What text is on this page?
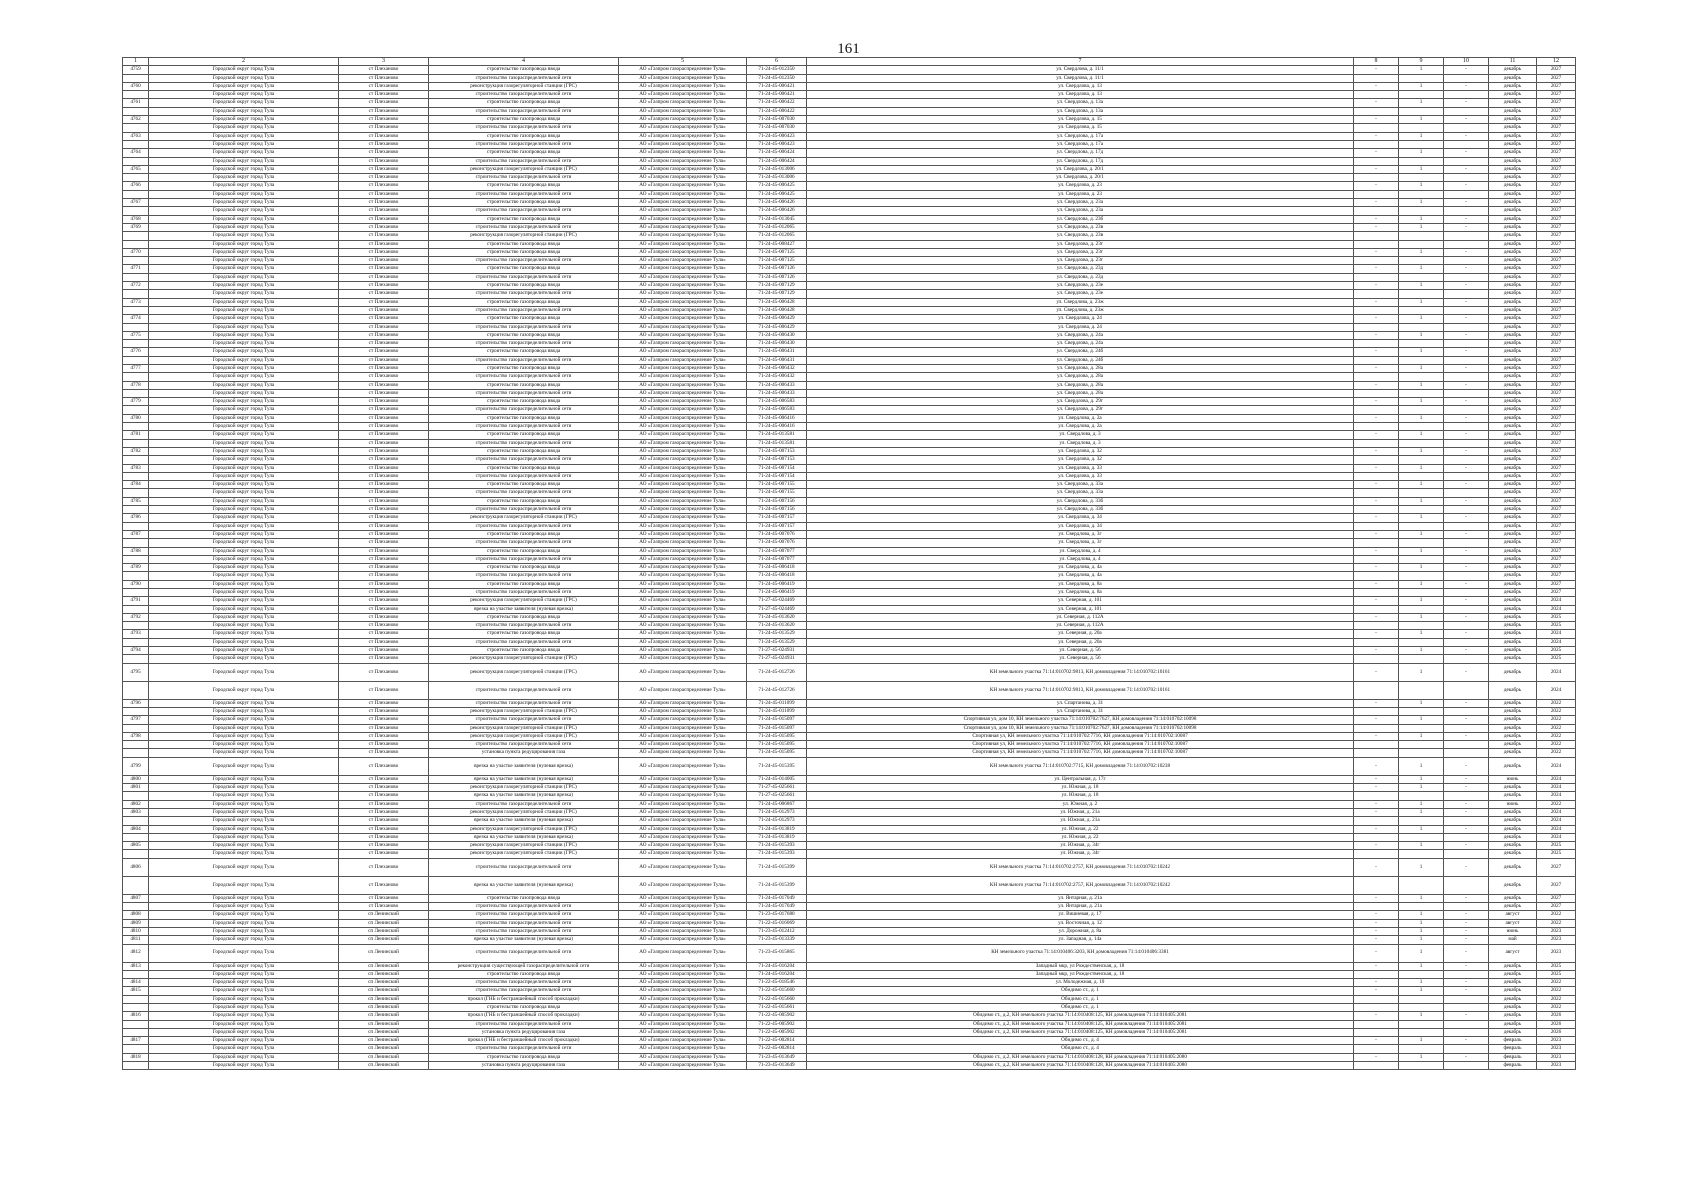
161
1	2	3	4	5	6	7	8	9	10	11	12
4759	Городской округ город Тула	ст Плеханово	строительство газопровода ввода	АО «Газпром газораспределение Тула»	71-24-45-012350	ул. Свердлова, д. 11/1	-	1	-	декабрь	2027
	Городской округ город Тула	ст Плеханово	строительство газораспределительной сети	АО «Газпром газораспределение Тула»	71-24-45-012350	ул. Свердлова, д. 11/1				декабрь	2027
4760	Городской округ город Тула	ст Плеханово	реконструкция газорегуляторной станции (ГРС)	АО «Газпром газораспределение Тула»	71-24-45-006421	ул. Свердлова, д. 13	-	1	-	декабрь	2027
	Городской округ город Тула	ст Плеханово	строительство газораспределительной сети	АО «Газпром газораспределение Тула»	71-24-45-006421	ул. Свердлова, д. 13				декабрь	2027
4761	Городской округ город Тула	ст Плеханово	строительство газопровода ввода	АО «Газпром газораспределение Тула»	71-24-45-006422	ул. Свердлова, д. 13а	-	1	-	декабрь	2027
	Городской округ город Тула	ст Плеханово	строительство газораспределительной сети	АО «Газпром газораспределение Тула»	71-24-45-006422	ул. Свердлова, д. 13а				декабрь	2027
4762	Городской округ город Тула	ст Плеханово	строительство газопровода ввода	АО «Газпром газораспределение Тула»	71-24-45-007030	ул. Свердлова, д. 15	-	1	-	декабрь	2027
	Городской округ город Тула	ст Плеханово	строительство газораспределительной сети	АО «Газпром газораспределение Тула»	71-24-45-007030	ул. Свердлова, д. 15				декабрь	2027
4763	Городской округ город Тула	ст Плеханово	строительство газопровода ввода	АО «Газпром газораспределение Тула»	71-24-45-006423	ул. Свердлова, д. 17а	-	1	-	декабрь	2027
	Городской округ город Тула	ст Плеханово	строительство газораспределительной сети	АО «Газпром газораспределение Тула»	71-24-45-006423	ул. Свердлова, д. 17а				декабрь	2027
4764	Городской округ город Тула	ст Плеханово	строительство газопровода ввода	АО «Газпром газораспределение Тула»	71-24-45-006424	ул. Свердлова, д. 17д	-	1	-	декабрь	2027
	Городской округ город Тула	ст Плеханово	строительство газораспределительной сети	АО «Газпром газораспределение Тула»	71-24-45-006424	ул. Свердлова, д. 17д				декабрь	2027
4765	Городской округ город Тула	ст Плеханово	реконструкция газорегуляторной станции (ГРС)	АО «Газпром газораспределение Тула»	71-24-45-013006	ул. Свердлова, д. 20/1	-	1	-	декабрь	2027
	Городской округ город Тула	ст Плеханово	строительство газораспределительной сети	АО «Газпром газораспределение Тула»	71-24-45-013006	ул. Свердлова, д. 20/1				декабрь	2027
4766	Городской округ город Тула	ст Плеханово	строительство газопровода ввода	АО «Газпром газораспределение Тула»	71-24-45-006425	ул. Свердлова, д. 23	-	1	-	декабрь	2027
	Городской округ город Тула	ст Плеханово	строительство газораспределительной сети	АО «Газпром газораспределение Тула»	71-24-45-006425	ул. Свердлова, д. 23				декабрь	2027
4767	Городской округ город Тула	ст Плеханово	строительство газопровода ввода	АО «Газпром газораспределение Тула»	71-24-45-006426	ул. Свердлова, д. 23а	-	1	-	декабрь	2027
	Городской округ город Тула	ст Плеханово	строительство газораспределительной сети	АО «Газпром газораспределение Тула»	71-24-45-006426	ул. Свердлова, д. 23а				декабрь	2027
4768	Городской округ город Тула	ст Плеханово	строительство газопровода ввода	АО «Газпром газораспределение Тула»	71-24-45-013045	ул. Свердлова, д. 23б	-	1	-	декабрь	2027
4769	Городской округ город Тула	ст Плеханово	строительство газораспределительной сети	АО «Газпром газораспределение Тула»	71-24-45-012065	ул. Свердлова, д. 23в	-	1	-	декабрь	2027
	Городской округ город Тула	ст Плеханово	реконструкция газорегуляторной станции (ГРС)	АО «Газпром газораспределение Тула»	71-24-45-012065	ул. Свердлова, д. 23в				декабрь	2027
	Городской округ город Тула	ст Плеханово	строительство газопровода ввода	АО «Газпром газораспределение Тула»	71-24-45-008427	ул. Свердлова, д. 23г				декабрь	2027
4770	Городской округ город Тула	ст Плеханово	строительство газопровода ввода	АО «Газпром газораспределение Тула»	71-24-45-007125	ул. Свердлова, д. 23г	-	1	-	декабрь	2027
	Городской округ город Тула	ст Плеханово	строительство газораспределительной сети	АО «Газпром газораспределение Тула»	71-24-45-007125	ул. Свердлова, д. 23г				декабрь	2027
4771	Городской округ город Тула	ст Плеханово	строительство газопровода ввода	АО «Газпром газораспределение Тула»	71-24-45-007126	ул. Свердлова, д. 23д	-	1	-	декабрь	2027
	Городской округ город Тула	ст Плеханово	строительство газораспределительной сети	АО «Газпром газораспределение Тула»	71-24-45-007126	ул. Свердлова, д. 23д				декабрь	2027
4772	Городской округ город Тула	ст Плеханово	строительство газопровода ввода	АО «Газпром газораспределение Тула»	71-24-45-007129	ул. Свердлова, д. 23е	-	1	-	декабрь	2027
	Городской округ город Тула	ст Плеханово	строительство газораспределительной сети	АО «Газпром газораспределение Тула»	71-24-45-007129	ул. Свердлова, д. 23е				декабрь	2027
4773	Городской округ город Тула	ст Плеханово	строительство газопровода ввода	АО «Газпром газораспределение Тула»	71-24-45-006428	ул. Свердлова, д. 23ж	-	1	-	декабрь	2027
	Городской округ город Тула	ст Плеханово	строительство газораспределительной сети	АО «Газпром газораспределение Тула»	71-24-45-006428	ул. Свердлова, д. 23ж				декабрь	2027
4774	Городской округ город Тула	ст Плеханово	строительство газопровода ввода	АО «Газпром газораспределение Тула»	71-24-45-006429	ул. Свердлова, д. 24	-	1	-	декабрь	2027
	Городской округ город Тула	ст Плеханово	строительство газораспределительной сети	АО «Газпром газораспределение Тула»	71-24-45-006429	ул. Свердлова, д. 24				декабрь	2027
4775	Городской округ город Тула	ст Плеханово	строительство газопровода ввода	АО «Газпром газораспределение Тула»	71-24-45-006430	ул. Свердлова, д. 24а	-	1	-	декабрь	2027
	Городской округ город Тула	ст Плеханово	строительство газораспределительной сети	АО «Газпром газораспределение Тула»	71-24-45-006430	ул. Свердлова, д. 24а				декабрь	2027
4776	Городской округ город Тула	ст Плеханово	строительство газопровода ввода	АО «Газпром газораспределение Тула»	71-24-45-006431	ул. Свердлова, д. 24б	-	1	-	декабрь	2027
	Городской округ город Тула	ст Плеханово	строительство газораспределительной сети	АО «Газпром газораспределение Тула»	71-24-45-006431	ул. Свердлова, д. 24б				декабрь	2027
4777	Городской округ город Тула	ст Плеханово	строительство газопровода ввода	АО «Газпром газораспределение Тула»	71-24-45-006432	ул. Свердлова, д. 28а	-	1	-	декабрь	2027
	Городской округ город Тула	ст Плеханово	строительство газораспределительной сети	АО «Газпром газораспределение Тула»	71-24-45-006432	ул. Свердлова, д. 28а				декабрь	2027
4778	Городской округ город Тула	ст Плеханово	строительство газопровода ввода	АО «Газпром газораспределение Тула»	71-24-45-006433	ул. Свердлова, д. 28а	-	1	-	декабрь	2027
	Городской округ город Тула	ст Плеханово	строительство газораспределительной сети	АО «Газпром газораспределение Тула»	71-24-45-006433	ул. Свердлова, д. 28а				декабрь	2027
4779	Городской округ город Тула	ст Плеханово	строительство газопровода ввода	АО «Газпром газораспределение Тула»	71-24-45-006583	ул. Свердлова, д. 29г	-	1	-	декабрь	2027
	Городской округ город Тула	ст Плеханово	строительство газораспределительной сети	АО «Газпром газораспределение Тула»	71-24-45-006583	ул. Свердлова, д. 29г				декабрь	2027
4780	Городской округ город Тула	ст Плеханово	строительство газопровода ввода	АО «Газпром газораспределение Тула»	71-24-45-006416	ул. Свердлова, д. 2а	-	1	-	декабрь	2027
	Городской округ город Тула	ст Плеханово	строительство газораспределительной сети	АО «Газпром газораспределение Тула»	71-24-45-006416	ул. Свердлова, д. 2а				декабрь	2027
4781	Городской округ город Тула	ст Плеханово	строительство газопровода ввода	АО «Газпром газораспределение Тула»	71-24-45-013581	ул. Свердлова, д. 3	-	1	-	декабрь	2027
	Городской округ город Тула	ст Плеханово	строительство газораспределительной сети	АО «Газпром газораспределение Тула»	71-24-45-013581	ул. Свердлова, д. 3				декабрь	2027
4782	Городской округ город Тула	ст Плеханово	строительство газопровода ввода	АО «Газпром газораспределение Тула»	71-24-45-007153	ул. Свердлова, д. 32	-	1	-	декабрь	2027
	Городской округ город Тула	ст Плеханово	строительство газораспределительной сети	АО «Газпром газораспределение Тула»	71-24-45-007153	ул. Свердлова, д. 32				декабрь	2027
4783	Городской округ город Тула	ст Плеханово	строительство газопровода ввода	АО «Газпром газораспределение Тула»	71-24-45-007154	ул. Свердлова, д. 33	-	1	-	декабрь	2027
	Городской округ город Тула	ст Плеханово	строительство газораспределительной сети	АО «Газпром газораспределение Тула»	71-24-45-007154	ул. Свердлова, д. 33				декабрь	2027
4784	Городской округ город Тула	ст Плеханово	строительство газопровода ввода	АО «Газпром газораспределение Тула»	71-24-45-007155	ул. Свердлова, д. 33а	-	1	-	декабрь	2027
	Городской округ город Тула	ст Плеханово	строительство газораспределительной сети	АО «Газпром газораспределение Тула»	71-24-45-007155	ул. Свердлова, д. 33а				декабрь	2027
4785	Городской округ город Тула	ст Плеханово	строительство газопровода ввода	АО «Газпром газораспределение Тула»	71-24-45-007156	ул. Свердлова, д. 33б	-	1	-	декабрь	2027
	Городской округ город Тула	ст Плеханово	строительство газораспределительной сети	АО «Газпром газораспределение Тула»	71-24-45-007156	ул. Свердлова, д. 33б				декабрь	2027
4786	Городской округ город Тула	ст Плеханово	реконструкция газорегуляторной станции (ГРС)	АО «Газпром газораспределение Тула»	71-24-45-007157	ул. Свердлова, д. 34	-	1	-	декабрь	2027
	Городской округ город Тула	ст Плеханово	строительство газораспределительной сети	АО «Газпром газораспределение Тула»	71-24-45-007157	ул. Свердлова, д. 34				декабрь	2027
4787	Городской округ город Тула	ст Плеханово	строительство газопровода ввода	АО «Газпром газораспределение Тула»	71-24-45-007076	ул. Свердлова, д. 3г	-	1	-	декабрь	2027
	Городской округ город Тула	ст Плеханово	строительство газораспределительной сети	АО «Газпром газораспределение Тула»	71-24-45-007076	ул. Свердлова, д. 3г				декабрь	2027
4788	Городской округ город Тула	ст Плеханово	строительство газопровода ввода	АО «Газпром газораспределение Тула»	71-24-45-007077	ул. Свердлова, д. 4	-	1	-	декабрь	2027
	Городской округ город Тула	ст Плеханово	строительство газораспределительной сети	АО «Газпром газораспределение Тула»	71-24-45-007077	ул. Свердлова, д. 4				декабрь	2027
4789	Городской округ город Тула	ст Плеханово	строительство газопровода ввода	АО «Газпром газораспределение Тула»	71-24-45-006418	ул. Свердлова, д. 4а	-	1	-	декабрь	2027
	Городской округ город Тула	ст Плеханово	строительство газораспределительной сети	АО «Газпром газораспределение Тула»	71-24-45-006418	ул. Свердлова, д. 4а				декабрь	2027
4790	Городской округ город Тула	ст Плеханово	строительство газопровода ввода	АО «Газпром газораспределение Тула»	71-24-45-006419	ул. Свердлова, д. 8а	-	1	-	декабрь	2027
	Городской округ город Тула	ст Плеханово	строительство газораспределительной сети	АО «Газпром газораспределение Тула»	71-24-45-006419	ул. Свердлова, д. 8а				декабрь	2027
4791	Городской округ город Тула	ст Плеханово	реконструкция газорегуляторной станции (ГРС)	АО «Газпром газораспределение Тула»	71-27-45-024469	ул. Северная, д. 101	-	1	-	декабрь	2024
	Городской округ город Тула	ст Плеханово	врезка на участке заявителя (нулевая врезка)	АО «Газпром газораспределение Тула»	71-27-45-024469	ул. Северная, д. 101				декабрь	2024
4792	Городской округ город Тула	ст Плеханово	строительство газопровода ввода	АО «Газпром газораспределение Тула»	71-24-45-013620	ул. Северная, д. 112А	-	1	-	декабрь	2025
	Городской округ город Тула	ст Плеханово	строительство газораспределительной сети	АО «Газпром газораспределение Тула»	71-24-45-013620	ул. Северная, д. 112А				декабрь	2025
4793	Городской округ город Тула	ст Плеханово	строительство газопровода ввода	АО «Газпром газораспределение Тула»	71-24-45-013529	ул. Северная, д. 20а	-	1	-	декабрь	2024
	Городской округ город Тула	ст Плеханово	строительство газораспределительной сети	АО «Газпром газораспределение Тула»	71-24-45-013529	ул. Северная, д. 20а				декабрь	2024
4794	Городской округ город Тула	ст Плеханово	строительство газопровода ввода	АО «Газпром газораспределение Тула»	71-27-45-024931	ул. Северная, д. 56	-	1	-	декабрь	2025
	Городской округ город Тула	ст Плеханово	реконструкция газорегуляторной станции (ГРС)	АО «Газпром газораспределение Тула»	71-27-45-024931	ул. Северная, д. 56				декабрь	2025
4795	Городской округ город Тула	ст Плеханово	реконструкция газорегуляторной станции (ГРС)	АО «Газпром газораспределение Тула»	71-24-45-012726	КН земельного участка 71:14:010702:9813, КН домовладения 71:14:010702:10161	-	1	-	декабрь	2024
	Городской округ город Тула	ст Плеханово	строительство газораспределительной сети	АО «Газпром газораспределение Тула»	71-24-45-012726	КН земельного участка 71:14:010702:9813, КН домовладения 71:14:010702:10161				декабрь	2024
4796	Городской округ город Тула	ст Плеханово	строительство газораспределительной сети	АО «Газпром газораспределение Тула»	71-24-45-011099	ул. Спартанова, д. 31	-	1	-	декабрь	2022
	Городской округ город Тула	ст Плеханово	реконструкция газорегуляторной станции (ГРС)	АО «Газпром газораспределение Тула»	71-24-45-011099	ул. Спартанова, д. 31				декабрь	2022
4797	Городской округ город Тула	ст Плеханово	строительство газораспределительной сети	АО «Газпром газораспределение Тула»	71-24-45-015097	Спортивная ул, дом 10, КН земельного участка 71:14:010702:7627, КН домовладения 71:14:010702:10098	-	1	-	декабрь	2022
	Городской округ город Тула	ст Плеханово	реконструкция газорегуляторной станции (ГРС)	АО «Газпром газораспределение Тула»	71-24-45-015097	Спортивная ул, дом 10, КН земельного участка 71:14:010702:7627, КН домовладения 71:14:010702:10098				декабрь	2022
4798	Городской округ город Тула	ст Плеханово	реконструкция газорегуляторной станции (ГРС)	АО «Газпром газораспределение Тула»	71-24-45-015095	Спортивная ул, КН земельного участка 71:14:010702:7716, КН домовладения 71:14:010702:10087	-	1	-	декабрь	2022
	Городской округ город Тула	ст Плеханово	строительство газораспределительной сети	АО «Газпром газораспределение Тула»	71-24-45-015095	Спортивная ул, КН земельного участка 71:14:010702:7716, КН домовладения 71:14:010702:10087				декабрь	2022
	Городской округ город Тула	ст Плеханово	установка пункта редуцирования газа	АО «Газпром газораспределение Тула»	71-24-45-015095	Спортивная ул, КН земельного участка 71:14:010702:7716, КН домовладения 71:14:010702:10087				декабрь	2022
4799	Городской округ город Тула	ст Плеханово	врезка на участке заявителя (нулевая врезка)	АО «Газпром газораспределение Тула»	71-24-45-015395	КН земельного участка 71:14:010702:7715, КН домовладения 71:14:010702:10238	-	1	-	декабрь	2024
4800	Городской округ город Тула	ст Плеханово	врезка на участке заявителя (нулевая врезка)	АО «Газпром газораспределение Тула»	71-24-45-014005	ул. Центральная, д. 17г	-	1	-	июнь	2024
4801	Городской округ город Тула	ст Плеханово	реконструкция газорегуляторной станции (ГРС)	АО «Газпром газораспределение Тула»	71-27-45-025661	ул. Южная, д. 18	-	1	-	декабрь	2024
	Городской округ город Тула	ст Плеханово	врезка на участке заявителя (нулевая врезка)	АО «Газпром газораспределение Тула»	71-27-45-025661	ул. Южная, д. 18				декабрь	2024
4802	Городской округ город Тула	ст Плеханово	строительство газораспределительной сети	АО «Газпром газораспределение Тула»	71-24-45-006867	ул. Южная, д. 2	-	1	-	июнь	2022
4803	Городской округ город Тула	ст Плеханово	реконструкция газорегуляторной станции (ГРС)	АО «Газпром газораспределение Тула»	71-24-45-012973	ул. Южная, д. 21а	-	1	-	декабрь	2024
	Городской округ город Тула	ст Плеханово	врезка на участке заявителя (нулевая врезка)	АО «Газпром газораспределение Тула»	71-24-45-012973	ул. Южная, д. 21а				декабрь	2024
4804	Городской округ город Тула	ст Плеханово	реконструкция газорегуляторной станции (ГРС)	АО «Газпром газораспределение Тула»	71-24-45-013819	ул. Южная, д. 22	-	1	-	декабрь	2024
	Городской округ город Тула	ст Плеханово	врезка на участке заявителя (нулевая врезка)	АО «Газпром газораспределение Тула»	71-24-45-013819	ул. Южная, д. 22				декабрь	2024
4805	Городской округ город Тула	ст Плеханово	реконструкция газорегуляторной станции (ГРС)	АО «Газпром газораспределение Тула»	71-24-45-015393	ул. Южная, д. 34г	-	1	-	декабрь	2025
	Городской округ город Тула	ст Плеханово	реконструкция газорегуляторной станции (ГРС)	АО «Газпром газораспределение Тула»	71-24-45-015393	ул. Южная, д. 34г				декабрь	2025
4806	Городской округ город Тула	ст Плеханово	строительство газораспределительной сети	АО «Газпром газораспределение Тула»	71-24-45-015399	КН земельного участка 71:14:010702:2757, КН домовладения 71:14:010702:10242	-	1	-	декабрь	2027
	Городской округ город Тула	ст Плеханово	врезка на участке заявителя (нулевая врезка)	АО «Газпром газораспределение Тула»	71-24-45-015399	КН земельного участка 71:14:010702:2757, КН домовладения 71:14:010702:10242				декабрь	2027
4807	Городской округ город Тула	ст Плеханово	строительство газопровода ввода	АО «Газпром газораспределение Тула»	71-24-45-017049	ул. Янтарная, д. 21а	-	1	-	декабрь	2027
	Городской округ город Тула	ст Плеханово	строительство газораспределительной сети	АО «Газпром газораспределение Тула»	71-24-45-017049	ул. Янтарная, д. 21а				декабрь	2027
4808	Городской округ город Тула	сп Ленинский	строительство газораспределительной сети	АО «Газпром газораспределение Тула»	71-23-45-017680	ул. Вишневая, д. 17	-	1	-	август	2022
4809	Городской округ город Тула	сп Ленинский	строительство газораспределительной сети	АО «Газпром газораспределение Тула»	71-22-45-016069	ул. Восточная, д. 12	-	1	-	август	2022
4810	Городской округ город Тула	сп Ленинский	строительство газораспределительной сети	АО «Газпром газораспределение Тула»	71-23-45-012412	ул. Дорожная, д. 8а	-	1	-	июнь	2023
4811	Городской округ город Тула	сп Ленинский	врезка на участке заявителя (нулевая врезка)	АО «Газпром газораспределение Тула»	71-23-45-013339	ул. Западная, д. 14а	-	1	-	май	2023
4812	Городской округ город Тула	сп Ленинский	строительство газораспределительной сети	АО «Газпром газораспределение Тула»	71-23-45-015865	КН земельного участка 71:14:010406:3203, КН домовладения 71:14:010406:3381	-	1	-	август	2023
4813	Городской округ город Тула	сп Ленинский	реконструкция существующей газораспределительной сети	АО «Газпром газораспределение Тула»	71-24-45-016204	Западный мкр, ул Рождественская, д. 18	-	1	-	декабрь	2025
	Городской округ город Тула	сп Ленинский	строительство газопровода ввода	АО «Газпром газораспределение Тула»	71-24-45-016204	Западный мкр, ул Рождественская, д. 18				декабрь	2025
4814	Городской округ город Тула	сп Ленинский	строительство газораспределительной сети	АО «Газпром газораспределение Тула»	71-22-45-018546	ул. Молодежная, д. 10	-	1	-	декабрь	2022
4815	Городской округ город Тула	сп Ленинский	строительство газораспределительной сети	АО «Газпром газораспределение Тула»	71-22-45-015660	Обидимо ст., д. 1	-	1	-	декабрь	2022
	Городской округ город Тула	сп Ленинский	прокол (ГНБ и бестраншейный способ прокладки)	АО «Газпром газораспределение Тула»	71-22-45-015660	Обидимо ст., д. 1				декабрь	2022
	Городской округ город Тула	сп Ленинский	строительство газопровода ввода	АО «Газпром газораспределение Тула»	71-22-45-015661	Обидимо ст., д. 1				декабрь	2022
4816	Городской округ город Тула	сп Ленинский	прокол (ГНБ и бестраншейный способ прокладки)	АО «Газпром газораспределение Тула»	71-22-45-005902	Обидимо ст., д.2, КН земельного участка 71:14:010408:125, КН домовладения 71:14:010405:2081	-	1	-	декабрь	2026
	Городской округ город Тула	сп Ленинский	строительство газораспределительной сети	АО «Газпром газораспределение Тула»	71-22-45-005902	Обидимо ст., д.2, КН земельного участка 71:14:010408:125, КН домовладения 71:14:010405:2081				декабрь	2026
	Городской округ город Тула	сп Ленинский	установка пункта редуцирования газа	АО «Газпром газораспределение Тула»	71-22-45-005902	Обидимо ст., д.2, КН земельного участка 71:14:010408:125, КН домовладения 71:14:010405:2081				декабрь	2026
4817	Городской округ город Тула	сп Ленинский	прокол (ГНБ и бестраншейный способ прокладки)	АО «Газпром газораспределение Тула»	71-22-45-002814	Обидимо ст., д. 4	-	1	-	февраль	2023
	Городской округ город Тула	сп Ленинский	строительство газораспределительной сети	АО «Газпром газораспределение Тула»	71-22-45-002814	Обидимо ст., д. 4				февраль	2023
4818	Городской округ город Тула	сп Ленинский	строительство газопровода ввода	АО «Газпром газораспределение Тула»	71-23-45-013649	Обидимо ст., д.2, КН земельного участка 71:14:010408:128, КН домовладения 71:14:010405:2080	-	1	-	февраль	2023
	Городской округ город Тула	сп Ленинский	установка пункта редуцирования газа	АО «Газпром газораспределение Тула»	71-23-45-013649	Обидимо ст., д.2, КН земельного участка 71:14:010408:128, КН домовладения 71:14:010405:2080				февраль	2023
